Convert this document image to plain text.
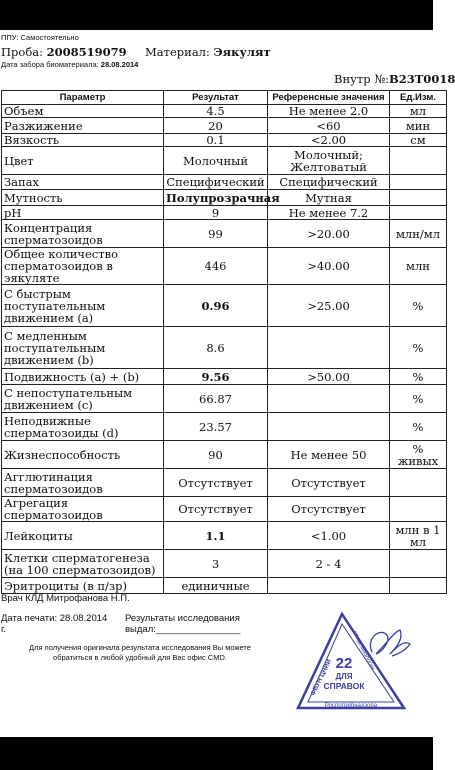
ППУ: Самостоятельно
Проба: 2008519079 Материал: Эякулят
Дата забора биоматериала: 28.08.2014
Внутр №:B23T0018
Параметр	Результат	Референсные значения	Ед.Изм.
Объем	4.5	Не менее 2.0	мл
Разжижение	20	<60	мин
Вязкость	0.1	<2.00	см
Цвет	Молочный	Молочный; Желтоватый	
Запах	Специфический	Специфический	
Мутность	Полупрозрачная	Мутная	
pH	9	Не менее 7.2	
Концентрация сперматозоидов	99	>20.00	млн/мл
Общее количество сперматозоидов в эякуляте	446	>40.00	млн
С быстрым поступательным движением (a)	0.96	>25.00	%
С медленным поступательным движением (b)	8.6		%
Подвижность (a) + (b)	9.56	>50.00	%
С непоступательным движением (c)	66.87		%
Неподвижные сперматозоиды (d)	23.57		%
Жизнеспособность	90	Не менее 50	% живых
Агглютинация сперматозоидов	Отсутствует	Отсутствует	
Агрегация сперматозоидов	Отсутствует	Отсутствует	
Лейкоциты	1.1	<1.00	млн в 1 мл
Клетки сперматогенеза (на 100 сперматозоидов)	3	2 - 4	
Эритроциты (в п/зр)	единичные		
Врач КЛД Митрофанова Н.П.
Дата печати: 28.08.2014 г.
Результаты исследования выдал:________________
Для получения оригинала результата исследования Вы можете обратиться в любой удобный для Вас офис CMD.	22
ДЛЯ
СПРАВОК
ФБУН ЦНИИ
эпидемиологии
Роспотребнадзора
